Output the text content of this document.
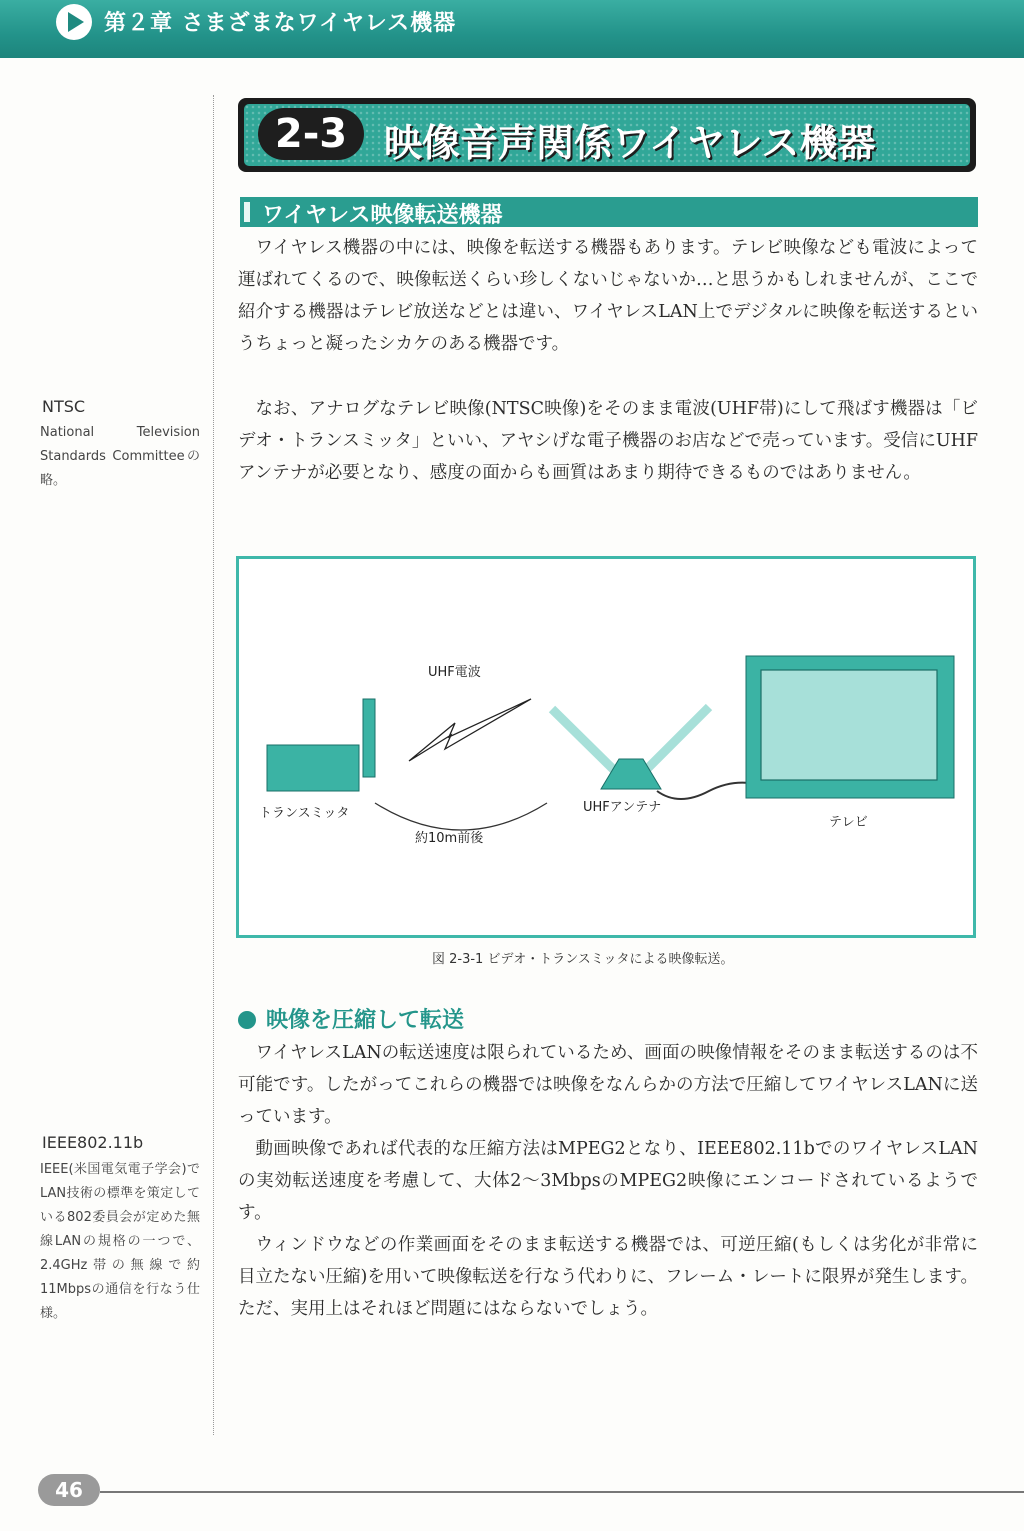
第２章 さまざまなワイヤレス機器
NTSC
National Television Standards Committeeの略。
IEEE802.11b
IEEE(米国電気電子学会)でLAN技術の標準を策定している802委員会が定めた無線LANの規格の一つで、2.4GHz帯の無線で約11Mbpsの通信を行なう仕様。
2-3 映像音声関係ワイヤレス機器
ワイヤレス映像転送機器
ワイヤレス機器の中には、映像を転送する機器もあります。テレビ映像なども電波によって運ばれてくるので、映像転送くらい珍しくないじゃないか…と思うかもしれませんが、ここで紹介する機器はテレビ放送などとは違い、ワイヤレスLAN上でデジタルに映像を転送するというちょっと凝ったシカケのある機器です。
なお、アナログなテレビ映像(NTSC映像)をそのまま電波(UHF帯)にして飛ばす機器は「ビデオ・トランスミッタ」といい、アヤシげな電子機器のお店などで売っています。受信にUHFアンテナが必要となり、感度の面からも画質はあまり期待できるものではありません。
UHF電波
トランスミッタ
約10m前後
UHFアンテナ
テレビ
図 2-3-1 ビデオ・トランスミッタによる映像転送。
映像を圧縮して転送
ワイヤレスLANの転送速度は限られているため、画面の映像情報をそのまま転送するのは不可能です。したがってこれらの機器では映像をなんらかの方法で圧縮してワイヤレスLANに送っています。
動画映像であれば代表的な圧縮方法はMPEG2となり、IEEE802.11bでのワイヤレスLANの実効転送速度を考慮して、大体2〜3MbpsのMPEG2映像にエンコードされているようです。
ウィンドウなどの作業画面をそのまま転送する機器では、可逆圧縮(もしくは劣化が非常に目立たない圧縮)を用いて映像転送を行なう代わりに、フレーム・レートに限界が発生します。ただ、実用上はそれほど問題にはならないでしょう。
46
